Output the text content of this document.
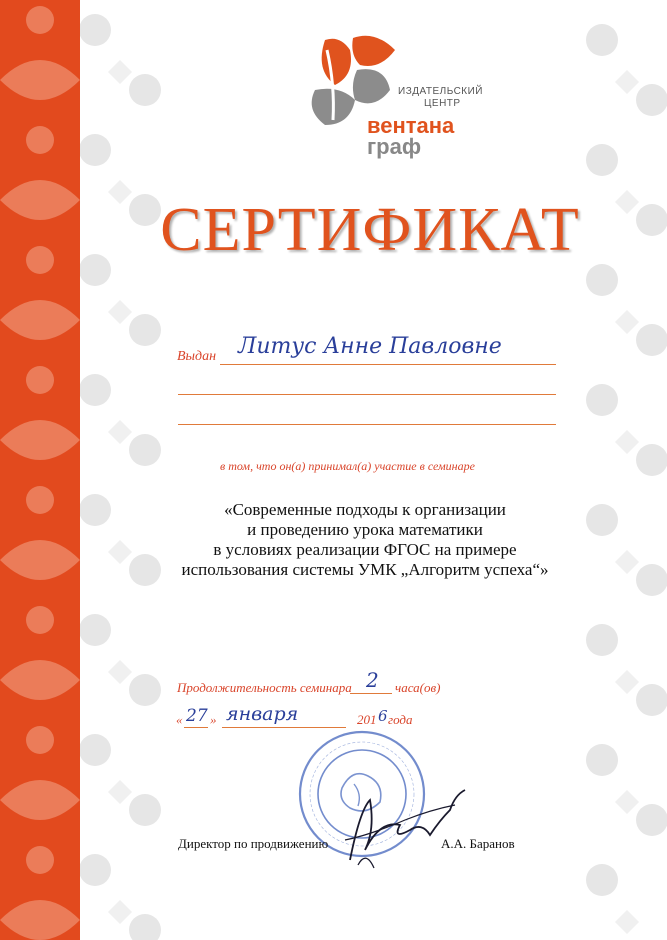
ИЗДАТЕЛЬСКИЙ
ЦЕНТР
вентана
граф
СЕРТИФИКАТ
Выдан Литус Анне Павловне
в том, что он(а) принимал(а) участие в семинаре
«Современные подходы к организации
и проведению урока математики
в условиях реализации ФГОС на примере
использования системы УМК „Алгоритм успеха“»
Продолжительность семинара 2 часа(ов)
« 27 » января	201 6 года
Директор по продвижению	А.А. Баранов
